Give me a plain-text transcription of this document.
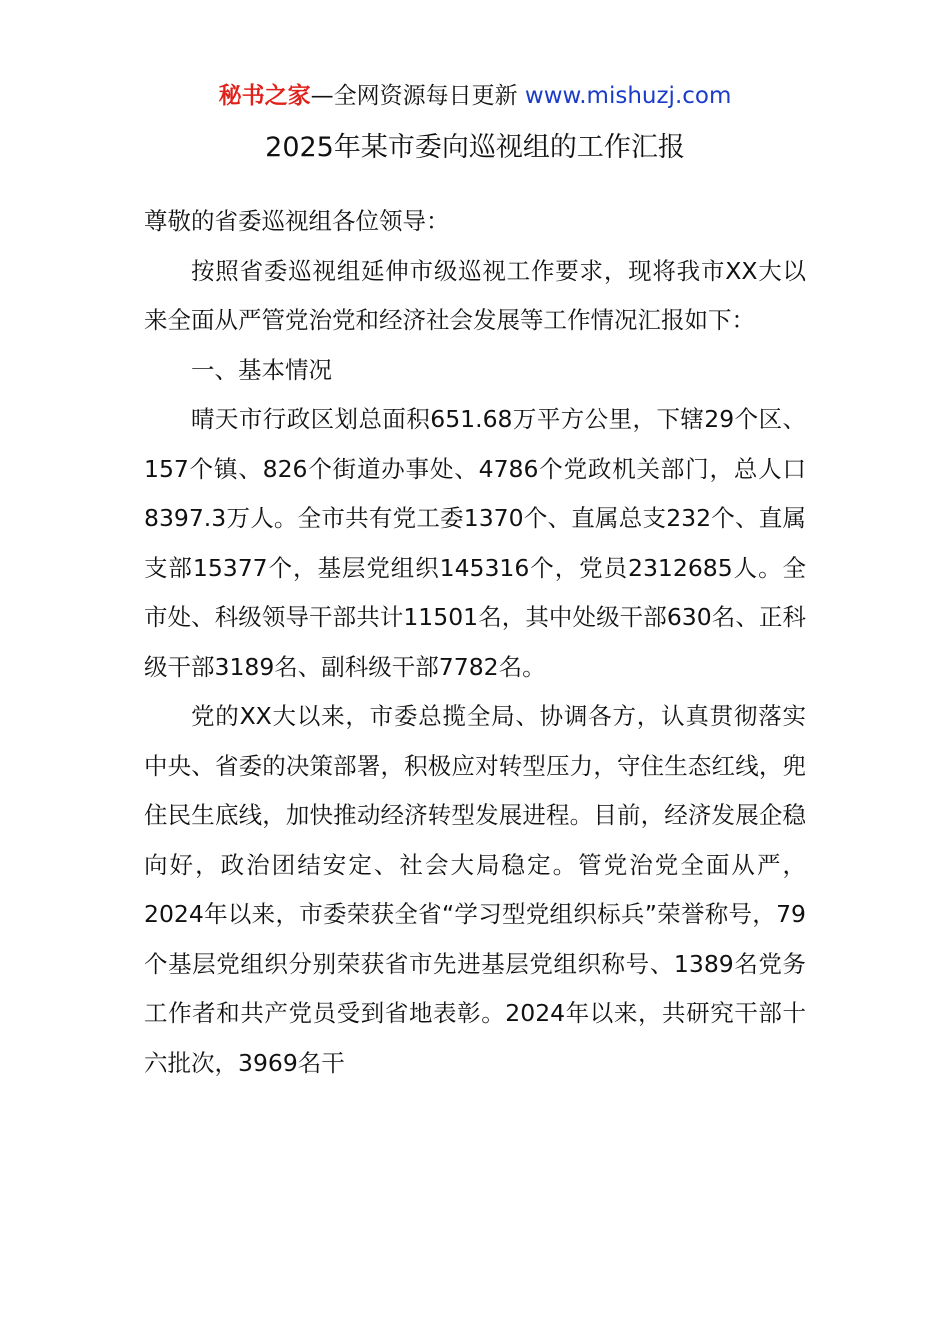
秘书之家—全网资源每日更新 www.mishuzj.com
2025年某市委向巡视组的工作汇报

尊敬的省委巡视组各位领导：

按照省委巡视组延伸市级巡视工作要求，现将我市XX大以来全面从严管党治党和经济社会发展等工作情况汇报如下：

一、基本情况

晴天市行政区划总面积651.68万平方公里，下辖29个区、157个镇、826个街道办事处、4786个党政机关部门，总人口8397.3万人。全市共有党工委1370个、直属总支232个、直属支部15377个，基层党组织145316个，党员2312685人。全市处、科级领导干部共计11501名，其中处级干部630名、正科级干部3189名、副科级干部7782名。

党的XX大以来，市委总揽全局、协调各方，认真贯彻落实中央、省委的决策部署，积极应对转型压力，守住生态红线，兜住民生底线，加快推动经济转型发展进程。目前，经济发展企稳向好，政治团结安定、社会大局稳定。管党治党全面从严，2024年以来，市委荣获全省“学习型党组织标兵”荣誉称号，79个基层党组织分别荣获省市先进基层党组织称号、1389名党务工作者和共产党员受到省地表彰。2024年以来，共研究干部十六批次，3969名干
